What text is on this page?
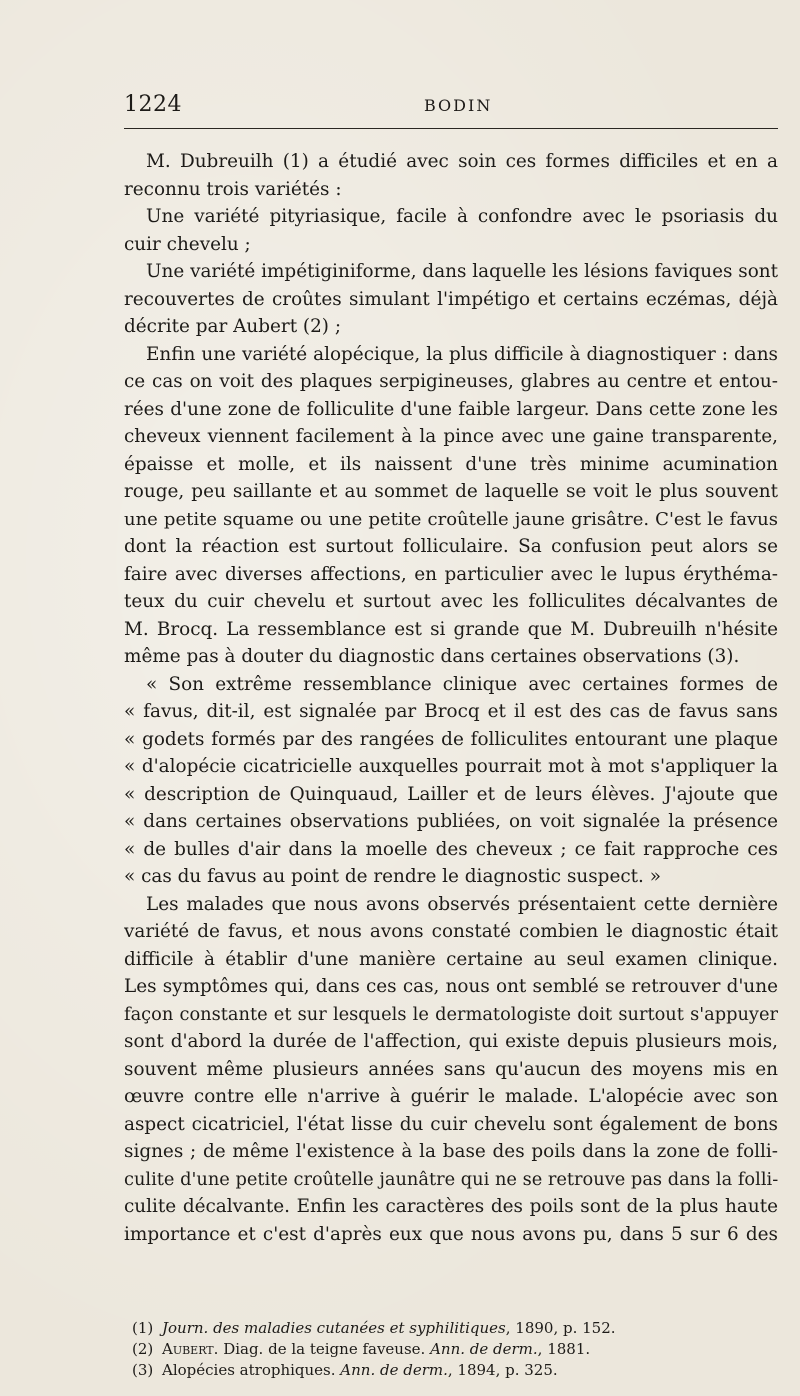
1224	BODIN
M. Dubreuilh (1) a étudié avec soin ces formes difficiles et en a
reconnu trois variétés :
Une variété pityriasique, facile à confondre avec le psoriasis du
cuir chevelu ;
Une variété impétiginiforme, dans laquelle les lésions faviques sont
recouvertes de croûtes simulant l'impétigo et certains eczémas, déjà
décrite par Aubert (2) ;
Enfin une variété alopécique, la plus difficile à diagnostiquer : dans
ce cas on voit des plaques serpigineuses, glabres au centre et entou-
rées d'une zone de folliculite d'une faible largeur. Dans cette zone les
cheveux viennent facilement à la pince avec une gaine transparente,
épaisse et molle, et ils naissent d'une très minime acumination
rouge, peu saillante et au sommet de laquelle se voit le plus souvent
une petite squame ou une petite croûtelle jaune grisâtre. C'est le favus
dont la réaction est surtout folliculaire. Sa confusion peut alors se
faire avec diverses affections, en particulier avec le lupus érythéma-
teux du cuir chevelu et surtout avec les folliculites décalvantes de
M. Brocq. La ressemblance est si grande que M. Dubreuilh n'hésite
même pas à douter du diagnostic dans certaines observations (3).
« Son extrême ressemblance clinique avec certaines formes de
« favus, dit-il, est signalée par Brocq et il est des cas de favus sans
« godets formés par des rangées de folliculites entourant une plaque
« d'alopécie cicatricielle auxquelles pourrait mot à mot s'appliquer la
« description de Quinquaud, Lailler et de leurs élèves. J'ajoute que
« dans certaines observations publiées, on voit signalée la présence
« de bulles d'air dans la moelle des cheveux ; ce fait rapproche ces
« cas du favus au point de rendre le diagnostic suspect. »
Les malades que nous avons observés présentaient cette dernière
variété de favus, et nous avons constaté combien le diagnostic était
difficile à établir d'une manière certaine au seul examen clinique.
Les symptômes qui, dans ces cas, nous ont semblé se retrouver d'une
façon constante et sur lesquels le dermatologiste doit surtout s'appuyer
sont d'abord la durée de l'affection, qui existe depuis plusieurs mois,
souvent même plusieurs années sans qu'aucun des moyens mis en
œuvre contre elle n'arrive à guérir le malade. L'alopécie avec son
aspect cicatriciel, l'état lisse du cuir chevelu sont également de bons
signes ; de même l'existence à la base des poils dans la zone de folli-
culite d'une petite croûtelle jaunâtre qui ne se retrouve pas dans la folli-
culite décalvante. Enfin les caractères des poils sont de la plus haute
importance et c'est d'après eux que nous avons pu, dans 5 sur 6 des
(1) Journ. des maladies cutanées et syphilitiques, 1890, p. 152.
(2) Aubert. Diag. de la teigne faveuse. Ann. de derm., 1881.
(3) Alopécies atrophiques. Ann. de derm., 1894, p. 325.
